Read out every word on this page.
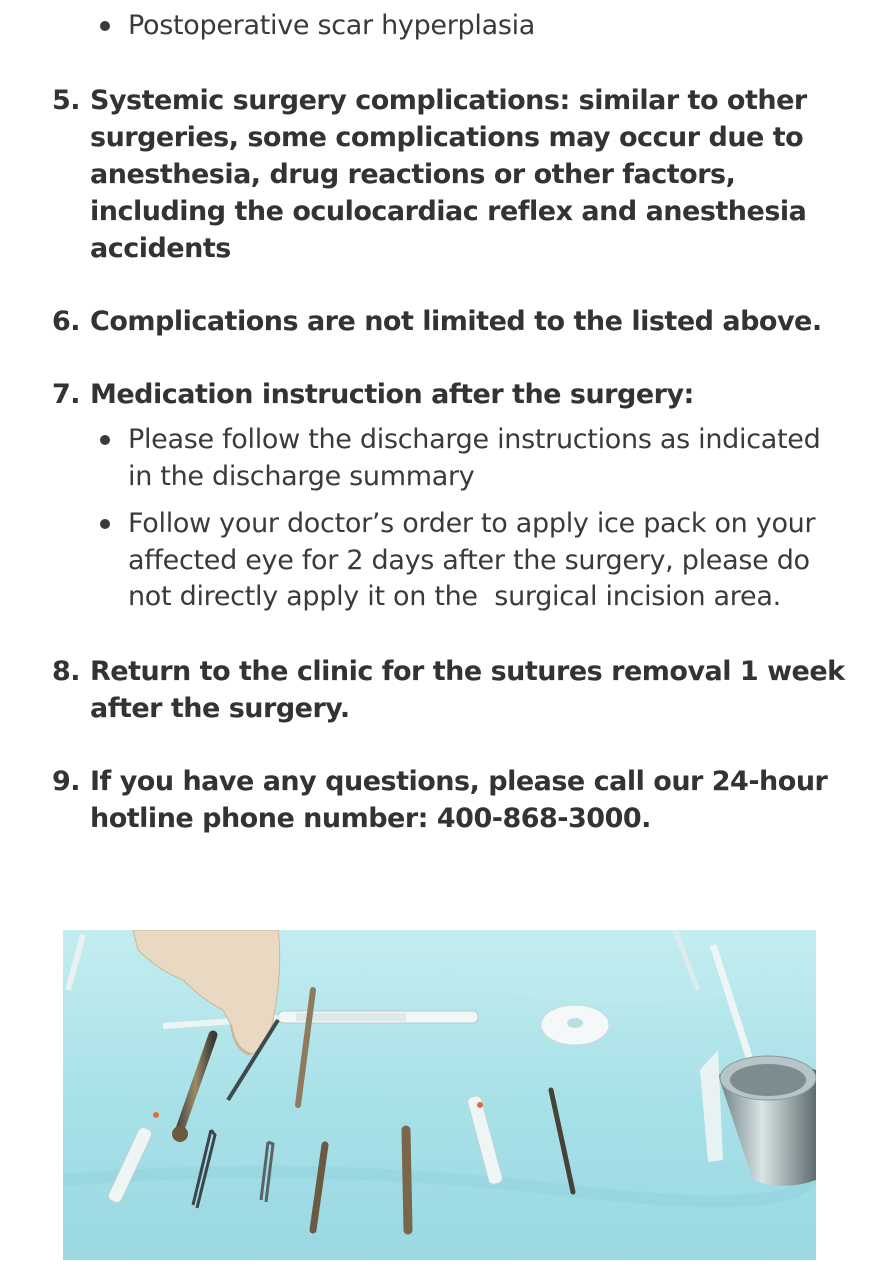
Postoperative scar hyperplasia
5. Systemic surgery complications: similar to other
surgeries, some complications may occur due to
anesthesia, drug reactions or other factors,
including the oculocardiac reflex and anesthesia
accidents
6. Complications are not limited to the listed above.
7. Medication instruction after the surgery:
Please follow the discharge instructions as indicated
in the discharge summary
Follow your doctor’s order to apply ice pack on your
affected eye for 2 days after the surgery, please do
not directly apply it on the  surgical incision area.
8. Return to the clinic for the sutures removal 1 week
after the surgery.
9. If you have any questions, please call our 24-hour
hotline phone number: 400-868-3000.
